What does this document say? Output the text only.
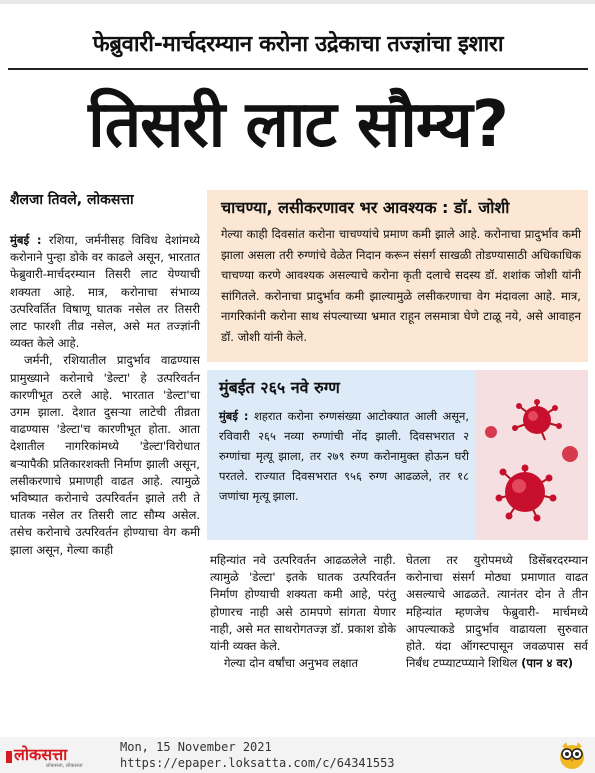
फेब्रुवारी-मार्चदरम्यान करोना उद्रेकाचा तज्ज्ञांचा इशारा
तिसरी लाट सौम्य?
शैलजा तिवले, लोकसत्ता

मुंबई : रशिया, जर्मनीसह विविध देशांमध्ये करोनाने पुन्हा डोके वर काढले असून, भारतात फेब्रुवारी-मार्चदरम्यान तिसरी लाट येण्याची शक्यता आहे. मात्र, करोनाचा संभाव्य उत्परिवर्तित विषाणू घातक नसेल तर तिसरी लाट फारशी तीव्र नसेल, असे मत तज्ज्ञांनी व्यक्त केले आहे.

जर्मनी, रशियातील प्रादुर्भाव वाढण्यास प्रामुख्याने करोनाचे 'डेल्टा' हे उत्परिवर्तन कारणीभूत ठरले आहे. भारतात 'डेल्टा'चा उगम झाला. देशात दुसऱ्या लाटेची तीव्रता वाढण्यास 'डेल्टा'च कारणीभूत होता. आता देशातील नागरिकांमध्ये 'डेल्टा'विरोधात बऱ्यापैकी प्रतिकारशक्ती निर्माण झाली असून, लसीकरणाचे प्रमाणही वाढत आहे. त्यामुळे भविष्यात करोनाचे उत्परिवर्तन झाले तरी ते घातक नसेल तर तिसरी लाट सौम्य असेल. तसेच करोनाचे उत्परिवर्तन होण्याचा वेग कमी झाला असून, गेल्या काही

चाचण्या, लसीकरणावर भर आवश्यक : डॉ. जोशी
गेल्या काही दिवसांत करोना चाचण्यांचे प्रमाण कमी झाले आहे. करोनाचा प्रादुर्भाव कमी झाला असला तरी रुग्णांचे वेळेत निदान करून संसर्ग साखळी तोडण्यासाठी अधिकाधिक चाचण्या करणे आवश्यक असल्याचे करोना कृती दलाचे सदस्य डॉ. शशांक जोशी यांनी सांगितले. करोनाचा प्रादुर्भाव कमी झाल्यामुळे लसीकरणाचा वेग मंदावला आहे. मात्र, नागरिकांनी करोना साथ संपल्याच्या भ्रमात राहून लसमात्रा घेणे टाळू नये, असे आवाहन डॉ. जोशी यांनी केले.
मुंबईत २६५ नवे रुग्ण
मुंबई : शहरात करोना रुग्णसंख्या आटोक्यात आली असून, रविवारी २६५ नव्या रुग्णांची नोंद झाली. दिवसभरात २ रुग्णांचा मृत्यू झाला, तर २७९ रुग्ण करोनामुक्त होऊन घरी परतले. राज्यात दिवसभरात ९५६ रुग्ण आढळले, तर १८ जणांचा मृत्यू झाला.

महिन्यांत नवे उत्परिवर्तन आढळलेले नाही. त्यामुळे 'डेल्टा' इतके घातक उत्परिवर्तन निर्माण होण्याची शक्यता कमी आहे, परंतु होणारच नाही असे ठामपणे सांगता येणार नाही, असे मत साथरोगतज्ज्ञ डॉ. प्रकाश डोके यांनी व्यक्त केले.

गेल्या दोन वर्षांचा अनुभव लक्षात

घेतला तर युरोपमध्ये डिसेंबरदरम्यान करोनाचा संसर्ग मोठ्या प्रमाणात वाढत असल्याचे आढळते. त्यानंतर दोन ते तीन महिन्यांत म्हणजेच फेब्रुवारी- मार्चमध्ये आपल्याकडे प्रादुर्भाव वाढायला सुरुवात होते. यंदा ऑगस्टपासून जवळपास सर्व निर्बंध टप्प्याटप्प्याने शिथिल (पान ४ वर)

लोकसत्ता
लोकसत्ता, लोकसत्ता
Mon, 15 November 2021
https://epaper.loksatta.com/c/64341553
